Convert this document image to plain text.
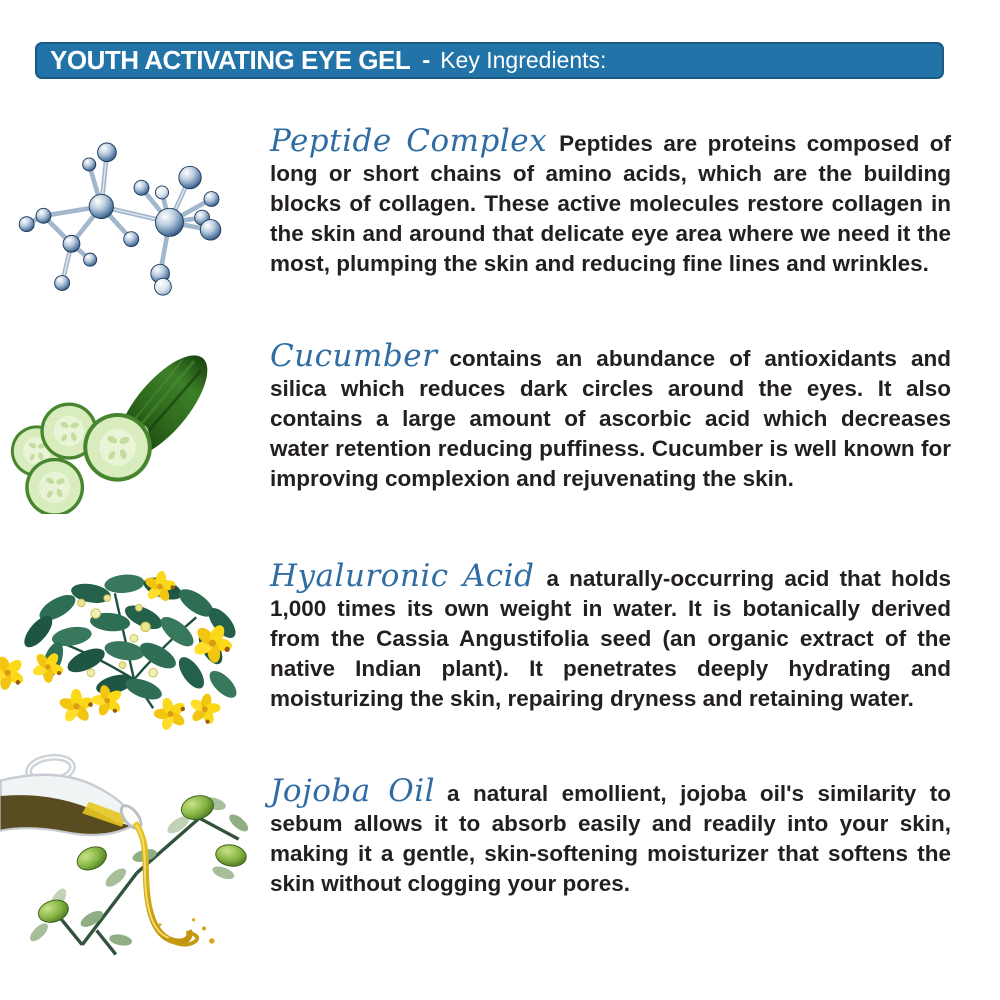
YOUTH ACTIVATING EYE GEL - Key Ingredients:

Peptide Complex Peptides are proteins composed of long or short chains of amino acids, which are the building blocks of collagen. These active molecules restore collagen in the skin and around that delicate eye area where we need it the most, plumping the skin and reducing fine lines and wrinkles.

Cucumber contains an abundance of antioxidants and silica which reduces dark circles around the eyes. It also contains a large amount of ascorbic acid which decreases water retention reducing puffiness. Cucumber is well known for improving complexion and rejuvenating the skin.

Hyaluronic Acid a naturally-occurring acid that holds 1,000 times its own weight in water. It is botanically derived from the Cassia Angustifolia seed (an organic extract of the native Indian plant). It penetrates deeply hydrating and moisturizing the skin, repairing dryness and retaining water.

Jojoba Oil a natural emollient, jojoba oil's similarity to sebum allows it to absorb easily and readily into your skin, making it a gentle, skin-softening moisturizer that softens the skin without clogging your pores.
